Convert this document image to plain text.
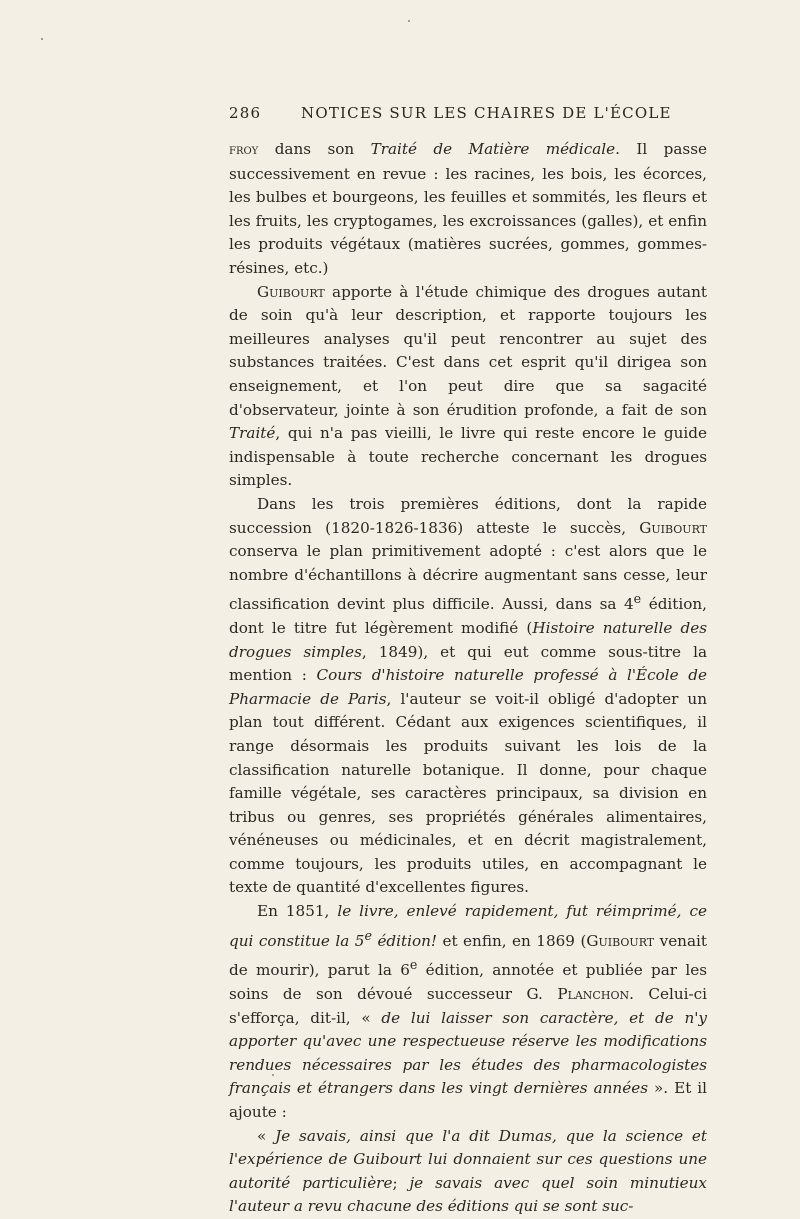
286	NOTICES SUR LES CHAIRES DE L'ÉCOLE

froy dans son Traité de Matière médicale. Il passe successivement en revue : les racines, les bois, les écorces, les bulbes et bourgeons, les feuilles et sommités, les fleurs et les fruits, les cryptogames, les excroissances (galles), et enfin les produits végétaux (matières sucrées, gommes, gommes-résines, etc.)

Guibourt apporte à l'étude chimique des drogues autant de soin qu'à leur description, et rapporte toujours les meilleures analyses qu'il peut rencontrer au sujet des substances traitées. C'est dans cet esprit qu'il dirigea son enseignement, et l'on peut dire que sa sagacité d'observateur, jointe à son érudition profonde, a fait de son Traité, qui n'a pas vieilli, le livre qui reste encore le guide indispensable à toute recherche concernant les drogues simples.

Dans les trois premières éditions, dont la rapide succession (1820-1826-1836) atteste le succès, Guibourt conserva le plan primitivement adopté : c'est alors que le nombre d'échantillons à décrire augmentant sans cesse, leur classification devint plus difficile. Aussi, dans sa 4e édition, dont le titre fut légèrement modifié (Histoire naturelle des drogues simples, 1849), et qui eut comme sous-titre la mention : Cours d'histoire naturelle professé à l'École de Pharmacie de Paris, l'auteur se voit-il obligé d'adopter un plan tout différent. Cédant aux exigences scientifiques, il range désormais les produits suivant les lois de la classification naturelle botanique. Il donne, pour chaque famille végétale, ses caractères principaux, sa division en tribus ou genres, ses propriétés générales alimentaires, vénéneuses ou médicinales, et en décrit magistralement, comme toujours, les produits utiles, en accompagnant le texte de quantité d'excellentes figures.

En 1851, le livre, enlevé rapidement, fut réimprimé, ce qui constitue la 5e édition! et enfin, en 1869 (Guibourt venait de mourir), parut la 6e édition, annotée et publiée par les soins de son dévoué successeur G. Planchon. Celui-ci s'efforça, dit-il, « de lui laisser son caractère, et de n'y apporter qu'avec une respectueuse réserve les modifications rendues nécessaires par les études des pharmacologistes français et étrangers dans les vingt dernières années ». Et il ajoute :

« Je savais, ainsi que l'a dit Dumas, que la science et l'expérience de Guibourt lui donnaient sur ces questions une autorité particulière; je savais avec quel soin minutieux l'auteur a revu chacune des éditions qui se sont suc-
